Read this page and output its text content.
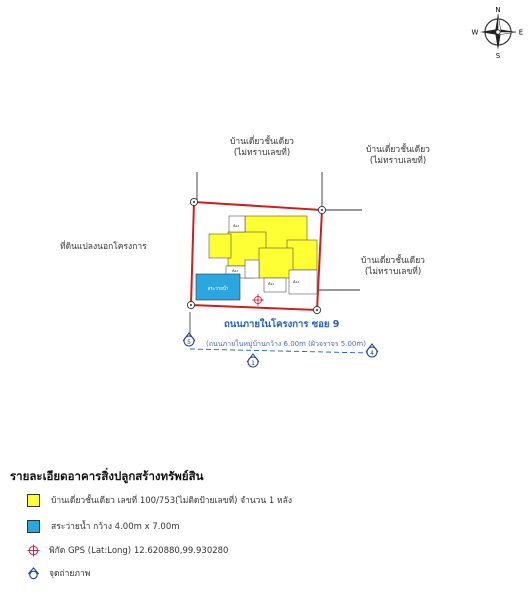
N
S
W	E
บ้านเดี่ยวชั้นเดียว
(ไม่ทราบเลขที่)	บ้านเดี่ยวชั้นเดียว
(ไม่ทราบเลขที่)
บ้านเดี่ยวชั้นเดียว
(ไม่ทราบเลขที่)
ที่ดินแปลงนอกโครงการ
ห้อง
ห้อง	ห้อง
ห้อง
สระว่ายน้ำ
5
4
1
ถนนภายในโครงการ ซอย 9
(ถนนภายในหมู่บ้านกว้าง 6.00m (ผิวจราจร 5.00m)
รายละเอียดอาคารสิ่งปลูกสร้างทรัพย์สิน
บ้านเดี่ยวชั้นเดียว เลขที่ 100/753(ไม่ติดป้ายเลขที่) จำนวน 1 หลัง
สระว่ายน้ำ กว้าง 4.00m x 7.00m
พิกัด GPS (Lat:Long) 12.620880,99.930280
จุดถ่ายภาพ
